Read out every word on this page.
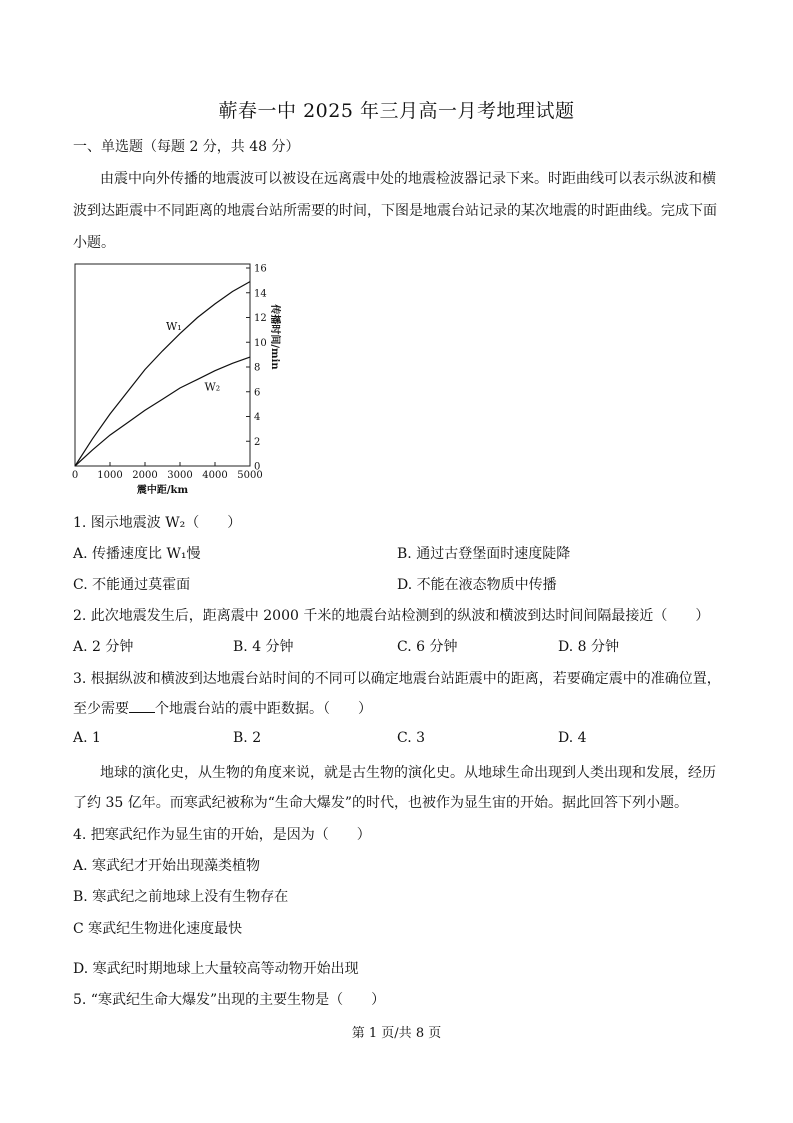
蕲春一中 2025 年三月高一月考地理试题
一、单选题（每题 2 分，共 48 分）
由震中向外传播的地震波可以被设在远离震中处的地震检波器记录下来。时距曲线可以表示纵波和横
波到达距震中不同距离的地震台站所需要的时间，下图是地震台站记录的某次地震的时距曲线。完成下面
小题。
0 1000 2000 3000 4000 5000
0
2
4
6
8
10
12
14
16
震中距/km
传播时间/min
W₁
W₂
1. 图示地震波 W₂（　　）
A. 传播速度比 W₁慢	B. 通过古登堡面时速度陡降
C. 不能通过莫霍面	D. 不能在液态物质中传播
2. 此次地震发生后，距离震中 2000 千米的地震台站检测到的纵波和横波到达时间间隔最接近（　　）
A. 2 分钟	B. 4 分钟	C. 6 分钟	D. 8 分钟
3. 根据纵波和横波到达地震台站时间的不同可以确定地震台站距震中的距离，若要确定震中的准确位置，
至少需要 个地震台站的震中距数据。（　　）
A. 1	B. 2	C. 3	D. 4
地球的演化史，从生物的角度来说，就是古生物的演化史。从地球生命出现到人类出现和发展，经历
了约 35 亿年。而寒武纪被称为“生命大爆发”的时代，也被作为显生宙的开始。据此回答下列小题。
4. 把寒武纪作为显生宙的开始，是因为（　　）
A. 寒武纪才开始出现藻类植物
B. 寒武纪之前地球上没有生物存在
C 寒武纪生物进化速度最快
D. 寒武纪时期地球上大量较高等动物开始出现
5. “寒武纪生命大爆发”出现的主要生物是（　　）
第 1 页/共 8 页
